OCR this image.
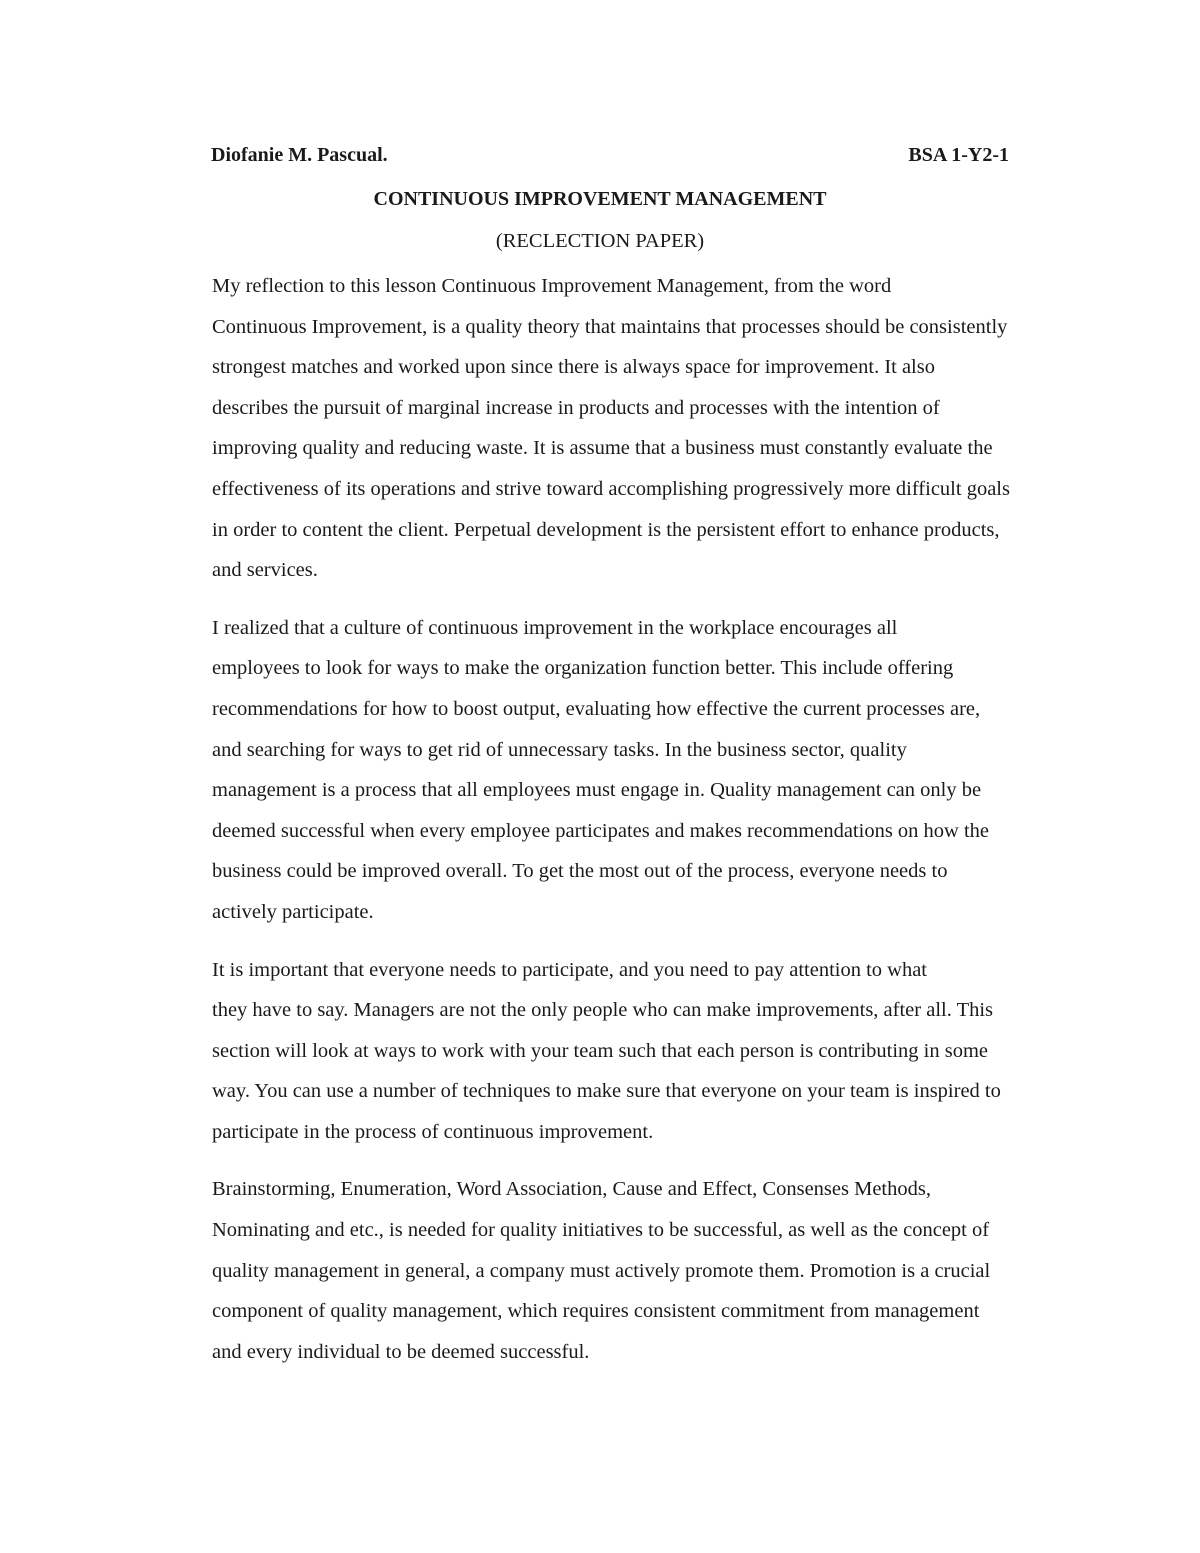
Diofanie M. Pascual.	BSA 1-Y2-1
CONTINUOUS IMPROVEMENT MANAGEMENT
(RECLECTION PAPER)

My reflection to this lesson Continuous Improvement Management, from the word
Continuous Improvement, is a quality theory that maintains that processes should be consistently
strongest matches and worked upon since there is always space for improvement. It also
describes the pursuit of marginal increase in products and processes with the intention of
improving quality and reducing waste. It is assume that a business must constantly evaluate the
effectiveness of its operations and strive toward accomplishing progressively more difficult goals
in order to content the client. Perpetual development is the persistent effort to enhance products,
and services.

I realized that a culture of continuous improvement in the workplace encourages all
employees to look for ways to make the organization function better. This include offering
recommendations for how to boost output, evaluating how effective the current processes are,
and searching for ways to get rid of unnecessary tasks. In the business sector, quality
management is a process that all employees must engage in. Quality management can only be
deemed successful when every employee participates and makes recommendations on how the
business could be improved overall. To get the most out of the process, everyone needs to
actively participate.

It is important that everyone needs to participate, and you need to pay attention to what
they have to say. Managers are not the only people who can make improvements, after all. This
section will look at ways to work with your team such that each person is contributing in some
way. You can use a number of techniques to make sure that everyone on your team is inspired to
participate in the process of continuous improvement.

Brainstorming, Enumeration, Word Association, Cause and Effect, Consenses Methods,
Nominating and etc., is needed for quality initiatives to be successful, as well as the concept of
quality management in general, a company must actively promote them. Promotion is a crucial
component of quality management, which requires consistent commitment from management
and every individual to be deemed successful.
